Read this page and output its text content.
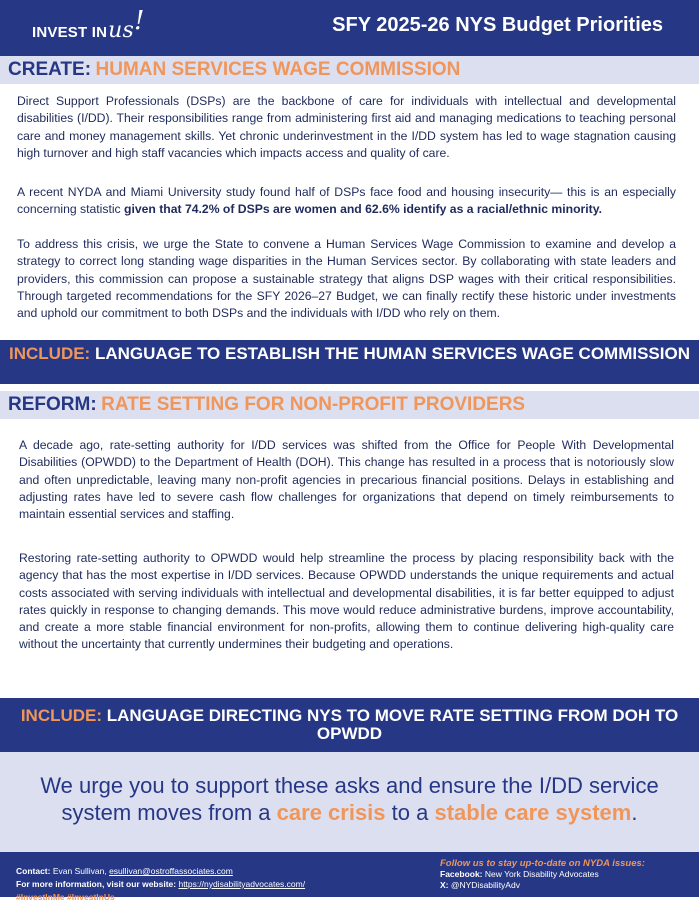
INVEST INus!	SFY 2025-26 NYS Budget Priorities
CREATE: HUMAN SERVICES WAGE COMMISSION

Direct Support Professionals (DSPs) are the backbone of care for individuals with intellectual and developmental disabilities (I/DD). Their responsibilities range from administering first aid and managing medications to teaching personal care and money management skills. Yet chronic underinvestment in the I/DD system has led to wage stagnation causing high turnover and high staff vacancies which impacts access and quality of care.

A recent NYDA and Miami University study found half of DSPs face food and housing insecurity— this is an especially concerning statistic given that 74.2% of DSPs are women and 62.6% identify as a racial/ethnic minority.

To address this crisis, we urge the State to convene a Human Services Wage Commission to examine and develop a strategy to correct long standing wage disparities in the Human Services sector. By collaborating with state leaders and providers, this commission can propose a sustainable strategy that aligns DSP wages with their critical responsibilities. Through targeted recommendations for the SFY 2026–27 Budget, we can finally rectify these historic under investments and uphold our commitment to both DSPs and the individuals with I/DD who rely on them.

INCLUDE: LANGUAGE TO ESTABLISH THE HUMAN SERVICES WAGE COMMISSION
REFORM: RATE SETTING FOR NON-PROFIT PROVIDERS

A decade ago, rate-setting authority for I/DD services was shifted from the Office for People With Developmental Disabilities (OPWDD) to the Department of Health (DOH). This change has resulted in a process that is notoriously slow and often unpredictable, leaving many non-profit agencies in precarious financial positions. Delays in establishing and adjusting rates have led to severe cash flow challenges for organizations that depend on timely reimbursements to maintain essential services and staffing.

Restoring rate-setting authority to OPWDD would help streamline the process by placing responsibility back with the agency that has the most expertise in I/DD services. Because OPWDD understands the unique requirements and actual costs associated with serving individuals with intellectual and developmental disabilities, it is far better equipped to adjust rates quickly in response to changing demands. This move would reduce administrative burdens, improve accountability, and create a more stable financial environment for non-profits, allowing them to continue delivering high-quality care without the uncertainty that currently undermines their budgeting and operations.

INCLUDE: LANGUAGE DIRECTING NYS TO MOVE RATE SETTING FROM DOH TO OPWDD
We urge you to support these asks and ensure the I/DD service
system moves from a care crisis to a stable care system.
Contact: Evan Sullivan, esullivan@ostroffassociates.com
For more information, visit our website: https://nydisabilityadvocates.com/
#InvestInMe #InvestInUs
Follow us to stay up-to-date on NYDA issues:
Facebook: New York Disability Advocates
X: @NYDisabilityAdv
